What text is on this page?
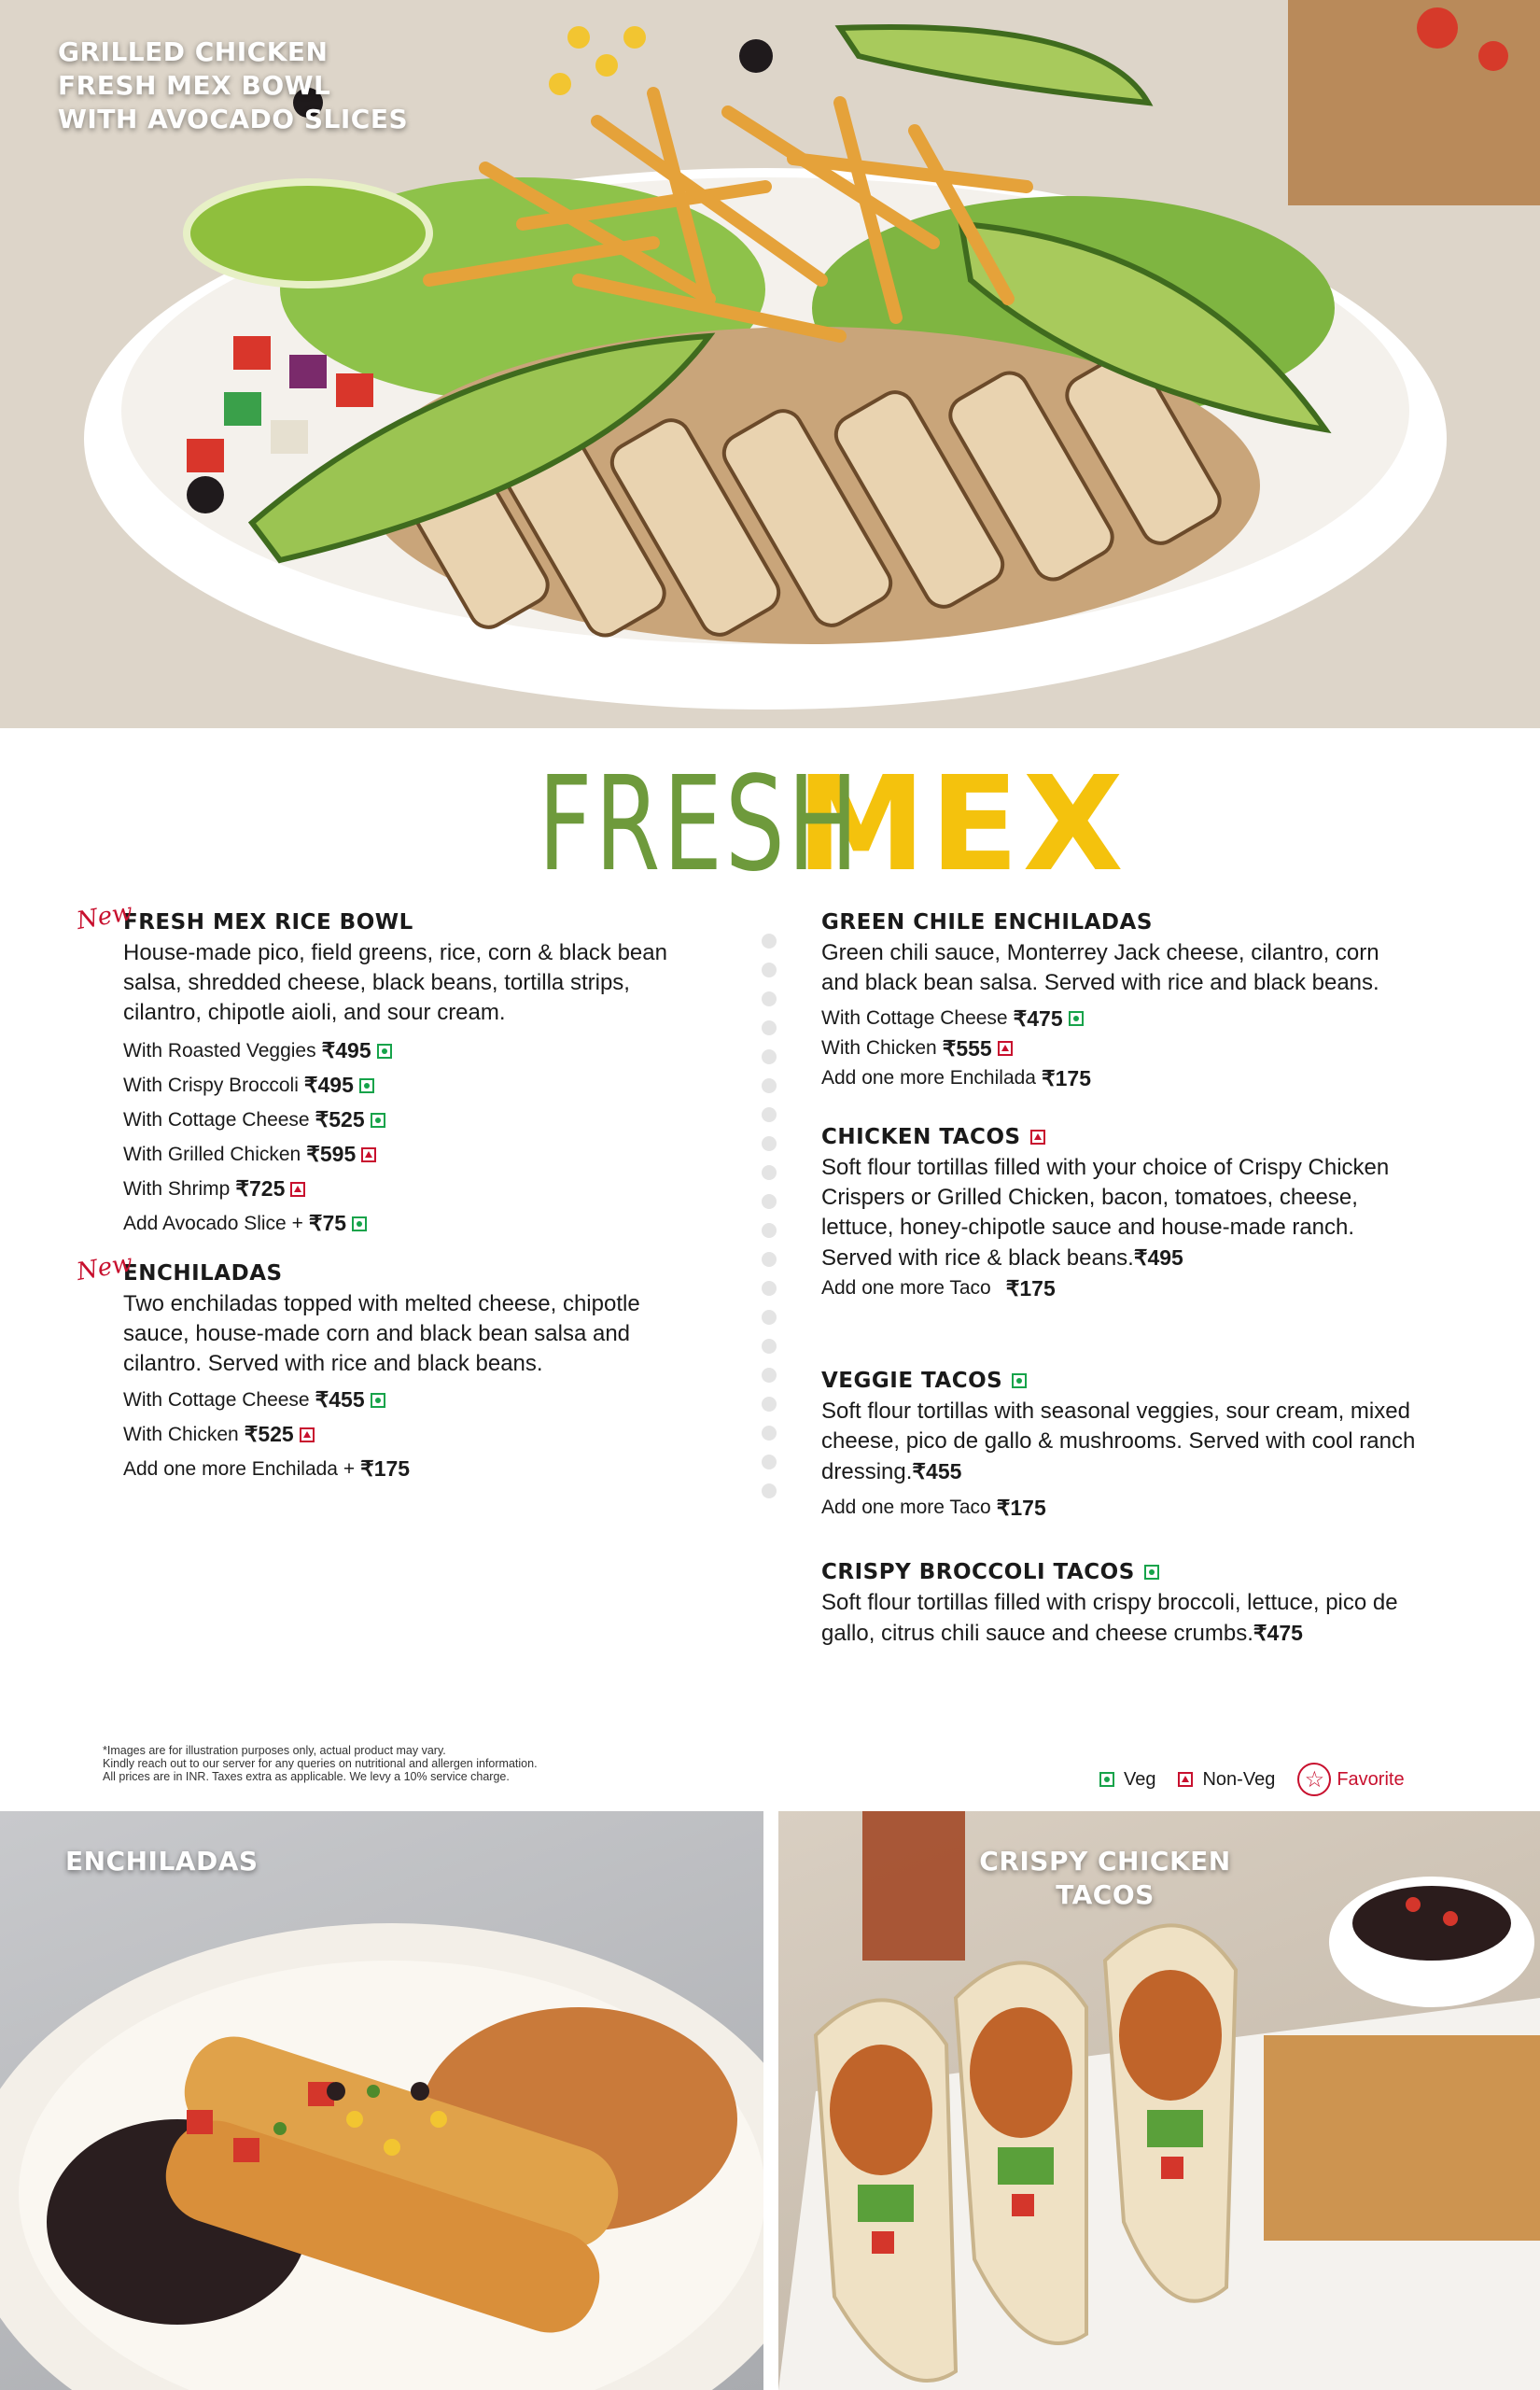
GRILLED CHICKEN
FRESH MEX BOWL
WITH AVOCADO SLICES
FRESHMEX
New
FRESH MEX RICE BOWL
House-made pico, field greens, rice, corn & black bean salsa, shredded cheese, black beans, tortilla strips, cilantro, chipotle aioli, and sour cream.
With Roasted Veggies ₹495
With Crispy Broccoli ₹495
With Cottage Cheese ₹525
With Grilled Chicken ₹595
With Shrimp ₹725
Add Avocado Slice + ₹75
New
ENCHILADAS
Two enchiladas topped with melted cheese, chipotle sauce, house-made corn and black bean salsa and cilantro. Served with rice and black beans.
With Cottage Cheese ₹455
With Chicken ₹525
Add one more Enchilada + ₹175
GREEN CHILE ENCHILADAS
Green chili sauce, Monterrey Jack cheese, cilantro, corn and black bean salsa. Served with rice and black beans.
With Cottage Cheese ₹475
With Chicken ₹555
Add one more Enchilada ₹175
CHICKEN TACOS
Soft flour tortillas filled with your choice of Crispy Chicken Crispers or Grilled Chicken, bacon, tomatoes, cheese, lettuce, honey-chipotle sauce and house-made ranch. Served with rice & black beans.₹495
Add one more Taco ₹175
VEGGIE TACOS
Soft flour tortillas with seasonal veggies, sour cream, mixed cheese, pico de gallo & mushrooms. Served with cool ranch dressing.₹455
Add one more Taco ₹175
CRISPY BROCCOLI TACOS
Soft flour tortillas filled with crispy broccoli, lettuce, pico de gallo, citrus chili sauce and cheese crumbs.₹475
*Images are for illustration purposes only, actual product may vary.
Kindly reach out to our server for any queries on nutritional and allergen information.
All prices are in INR. Taxes extra as applicable. We levy a 10% service charge.	Veg	Non-Veg	☆ Favorite
ENCHILADAS	CRISPY CHICKEN
TACOS
